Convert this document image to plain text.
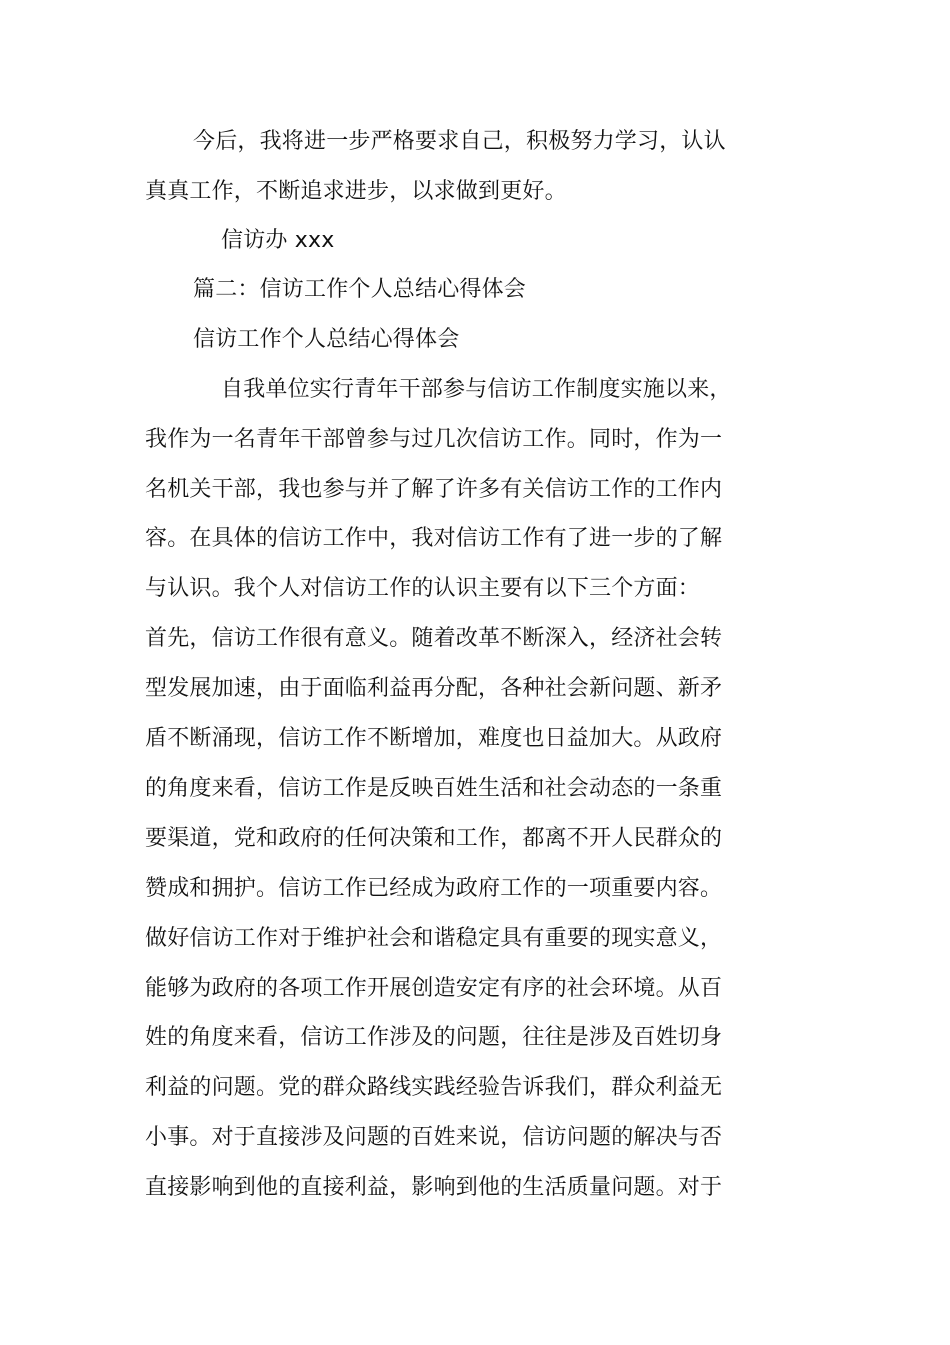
今后，我将进一步严格要求自己，积极努力学习，认认
真真工作，不断追求进步，以求做到更好。
信访办 xxx
篇二：信访工作个人总结心得体会
信访工作个人总结心得体会
自我单位实行青年干部参与信访工作制度实施以来，
我作为一名青年干部曾参与过几次信访工作。同时，作为一
名机关干部，我也参与并了解了许多有关信访工作的工作内
容。在具体的信访工作中，我对信访工作有了进一步的了解
与认识。我个人对信访工作的认识主要有以下三个方面：
首先，信访工作很有意义。随着改革不断深入，经济社会转
型发展加速，由于面临利益再分配，各种社会新问题、新矛
盾不断涌现，信访工作不断增加，难度也日益加大。从政府
的角度来看，信访工作是反映百姓生活和社会动态的一条重
要渠道，党和政府的任何决策和工作，都离不开人民群众的
赞成和拥护。信访工作已经成为政府工作的一项重要内容。
做好信访工作对于维护社会和谐稳定具有重要的现实意义，
能够为政府的各项工作开展创造安定有序的社会环境。从百
姓的角度来看，信访工作涉及的问题，往往是涉及百姓切身
利益的问题。党的群众路线实践经验告诉我们，群众利益无
小事。对于直接涉及问题的百姓来说，信访问题的解决与否
直接影响到他的直接利益，影响到他的生活质量问题。对于
